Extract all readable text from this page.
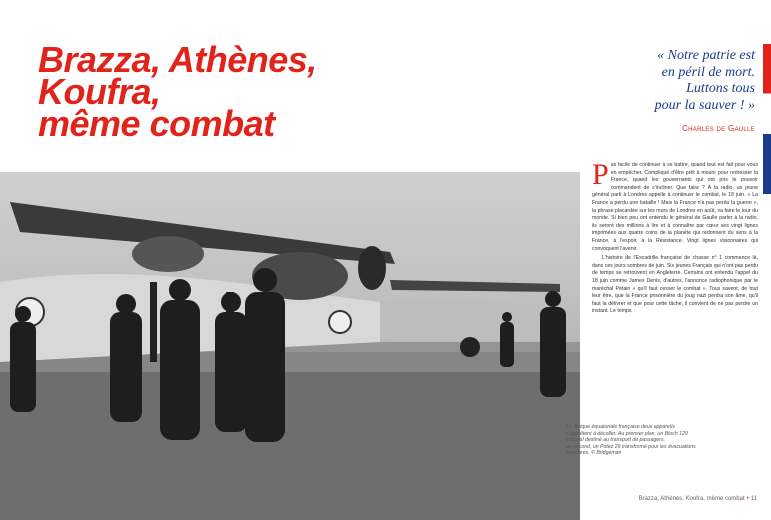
Brazza, Athènes,
Koufra,
même combat
« Notre patrie est
en péril de mort.
Luttons tous
pour la sauver ! »
Charles de Gaulle

Pas facile de continuer à se battre, quand tout est fait pour vous en empêcher. Compliqué d'être prêt à mourir pour redresser la France, quand les gouvernants qui ont pris le pouvoir commandent de s'incliner. Que faire ? À la radio, un jeune général parti à Londres appelle à continuer le combat, le 18 juin. « La France a perdu une bataille ! Mais la France n'a pas perdu la guerre », la phrase placardée sur les murs de Londres en août, va faire le tour du monde. Si bien peu ont entendu le général de Gaulle parler à la radio, ils seront des millions à lire et à connaître par cœur ses vingt lignes imprimées aux quatre coins de la planète qui redonnent du sens à la France, à l'espoir, à la Résistance. Vingt lignes visionnaires qui convoquent l'avenir.

L'histoire de l'Escadrille française de chasse n° 1 commence là, dans ces jours sombres de juin. Six jeunes Français qui n'ont pas perdu de temps se retrouvent en Angleterre. Certains ont entendu l'appel du 18 juin comme James Denis, d'autres, l'annonce radiophonique par le maréchal Pétain « qu'il faut cesser le combat ». Tous savent, de tout leur être, que la France prisonnière du joug nazi perdra son âme, qu'il faut la délivrer et que pour cette tâche, il convient de ne pas perdre un instant. Le temps

Brazza, Athènes, Koufra, même combat • 11
En Afrique équatoriale française deux appareils
s'apprêtent à décoller. Au premier plan, un Bloch 120
colonial destiné au transport de passagers,
au second, un Potez 29 transformé pour les évacuations
sanitaires. © Bridgeman
